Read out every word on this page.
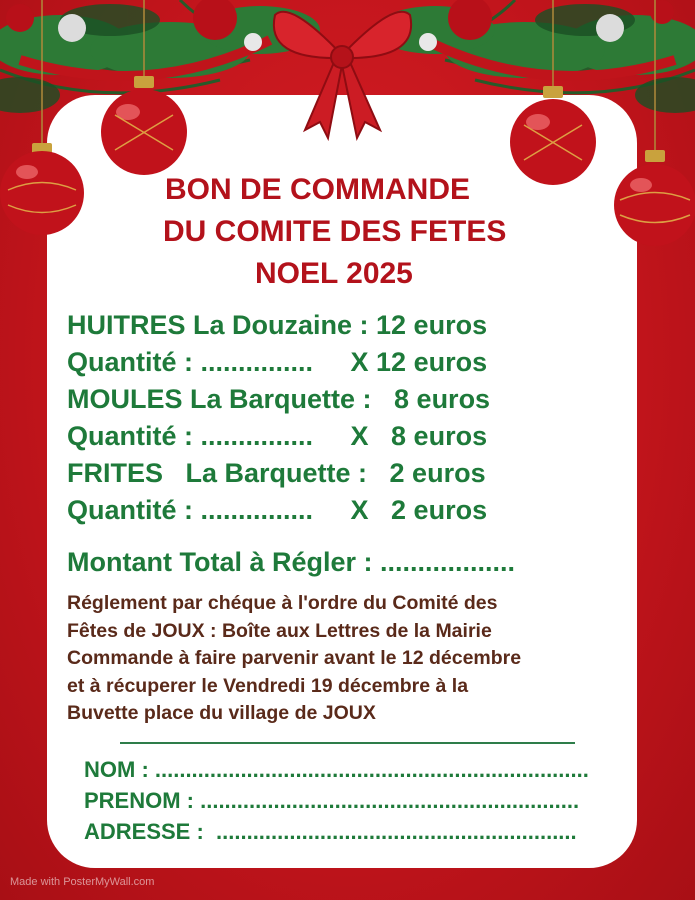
BON DE COMMANDE
DU COMITE DES FETES
NOEL 2025

HUITRES La Douzaine : 12 euros

Quantité : ...............     X 12 euros

MOULES La Barquette :   8 euros

Quantité : ...............     X   8 euros

FRITES   La Barquette :   2 euros

Quantité : ...............     X   2 euros

Montant Total à Régler : ..................

Réglement par chéque à l'ordre du Comité des
Fêtes de JOUX : Boîte aux Lettres de la Mairie
Commande à faire parvenir avant le 12 décembre
et à récuperer le Vendredi 19 décembre à la
Buvette place du village de JOUX

NOM : .......................................................................

PRENOM : ..............................................................

ADRESSE :  ...........................................................

Made with PosterMyWall.com
